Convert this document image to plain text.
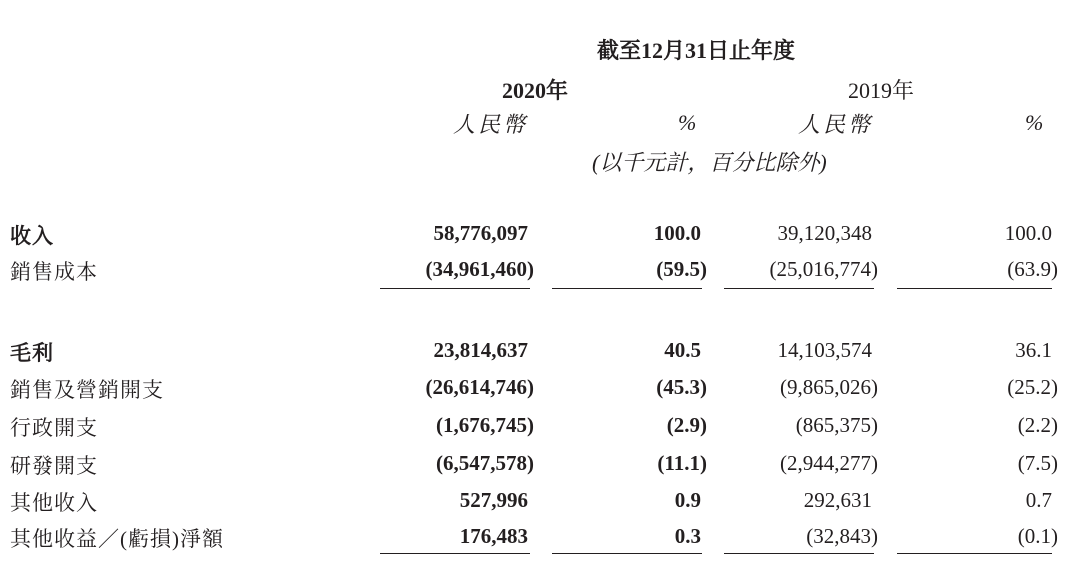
截至12月31日止年度
2020年	2019年
人民幣	%	人民幣	%
(以千元計，百分比除外)
收入	58,776,097	100.0	39,120,348	100.0
銷售成本	(34,961,460)	(59.5)	(25,016,774)	(63.9)
毛利	23,814,637	40.5	14,103,574	36.1
銷售及營銷開支	(26,614,746)	(45.3)	(9,865,026)	(25.2)
行政開支	(1,676,745)	(2.9)	(865,375)	(2.2)
研發開支	(6,547,578)	(11.1)	(2,944,277)	(7.5)
其他收入	527,996	0.9	292,631	0.7
其他收益／(虧損)淨額	176,483	0.3	(32,843)	(0.1)
